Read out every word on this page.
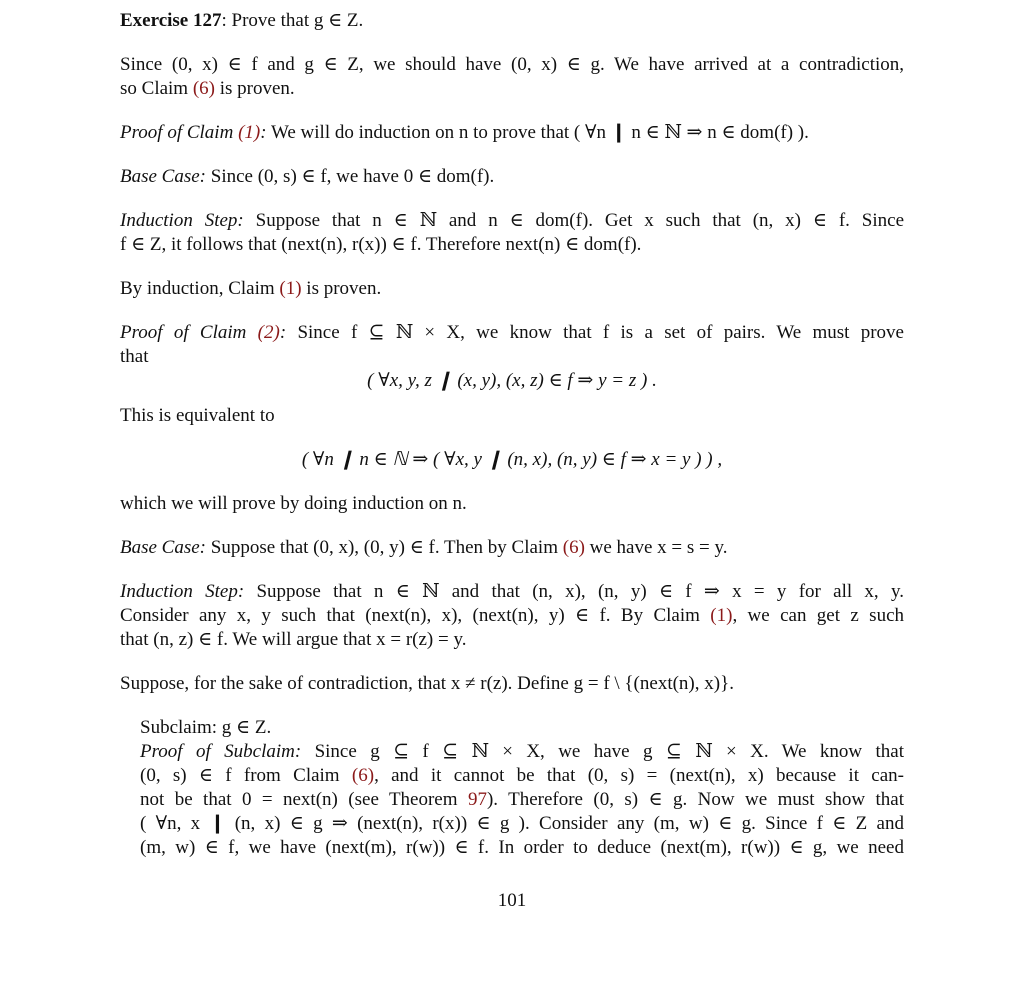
Exercise 127: Prove that g ∈ Z.
Since (0, x) ∈ f and g ∈ Z, we should have (0, x) ∈ g. We have arrived at a contradiction,
so Claim (6) is proven.
Proof of Claim (1): We will do induction on n to prove that ( ∀n ❙ n ∈ ℕ ⇒ n ∈ dom(f) ).
Base Case: Since (0, s) ∈ f, we have 0 ∈ dom(f).
Induction Step: Suppose that n ∈ ℕ and n ∈ dom(f). Get x such that (n, x) ∈ f. Since
f ∈ Z, it follows that (next(n), r(x)) ∈ f. Therefore next(n) ∈ dom(f).
By induction, Claim (1) is proven.
Proof of Claim (2): Since f ⊆ ℕ × X, we know that f is a set of pairs. We must prove
that
( ∀x, y, z ❙ (x, y), (x, z) ∈ f ⇒ y = z ) .
This is equivalent to
( ∀n ❙ n ∈ ℕ ⇒ ( ∀x, y ❙ (n, x), (n, y) ∈ f ⇒ x = y ) ) ,
which we will prove by doing induction on n.
Base Case: Suppose that (0, x), (0, y) ∈ f. Then by Claim (6) we have x = s = y.
Induction Step: Suppose that n ∈ ℕ and that (n, x), (n, y) ∈ f ⇒ x = y for all x, y.
Consider any x, y such that (next(n), x), (next(n), y) ∈ f. By Claim (1), we can get z such
that (n, z) ∈ f. We will argue that x = r(z) = y.
Suppose, for the sake of contradiction, that x ≠ r(z). Define g = f \ {(next(n), x)}.
Subclaim: g ∈ Z.
Proof of Subclaim: Since g ⊆ f ⊆ ℕ × X, we have g ⊆ ℕ × X. We know that
(0, s) ∈ f from Claim (6), and it cannot be that (0, s) = (next(n), x) because it can-
not be that 0 = next(n) (see Theorem 97). Therefore (0, s) ∈ g. Now we must show that
( ∀n, x ❙ (n, x) ∈ g ⇒ (next(n), r(x)) ∈ g ). Consider any (m, w) ∈ g. Since f ∈ Z and
(m, w) ∈ f, we have (next(m), r(w)) ∈ f. In order to deduce (next(m), r(w)) ∈ g, we need
101
